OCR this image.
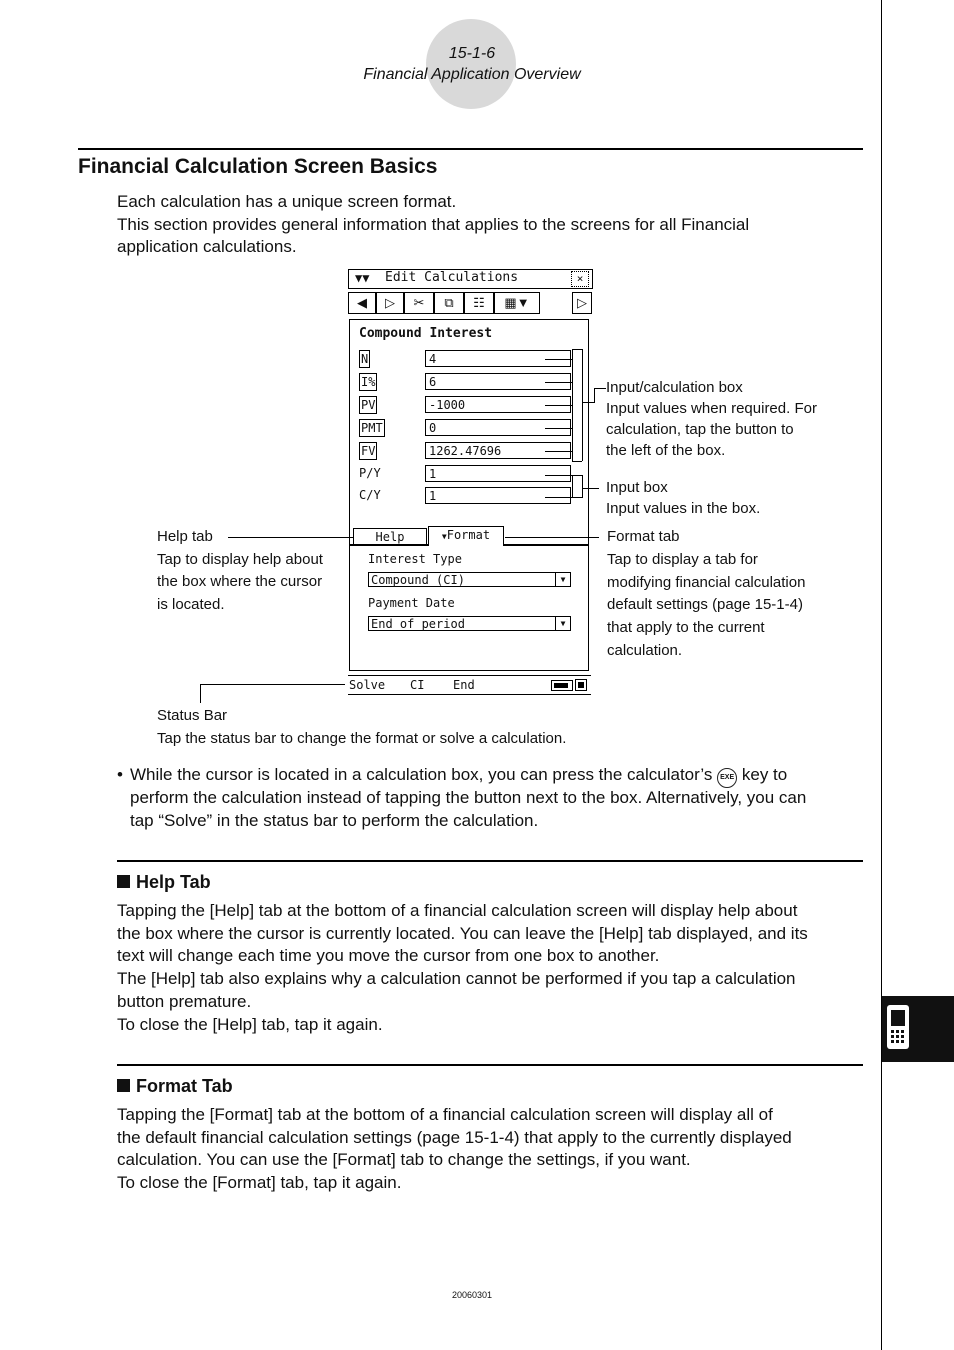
15-1-6
Financial Application Overview
Financial Calculation Screen Basics

Each calculation has a unique screen format.

This section provides general information that applies to the screens for all Financial

application calculations.

▼▼ Edit Calculations	×
◀	▷	✂	⧉	☷	▦▼	▷
Compound Interest
N	4
I%	6
PV	-1000
PMT	0
FV	1262.47696
P/Y	1
C/Y	1
Help	▼Format
Interest Type
Compound (CI)	▼
Payment Date
End of period	▼
Solve CI End
Input/calculation box
Input values when required. For
calculation, tap the button to
the left of the box.
Input box
Input values in the box.
Help tab
Tap to display help about
the box where the cursor
is located.
Format tab
Tap to display a tab for
modifying financial calculation
default settings (page 15-1-4)
that apply to the current
calculation.
Status Bar
Tap the status bar to change the format or solve a calculation.
• While the cursor is located in a calculation box, you can press the calculator’s EXE key to
perform the calculation instead of tapping the button next to the box. Alternatively, you can
tap “Solve” in the status bar to perform the calculation.
Help Tab
Tapping the [Help] tab at the bottom of a financial calculation screen will display help about
the box where the cursor is currently located. You can leave the [Help] tab displayed, and its
text will change each time you move the cursor from one box to another.
The [Help] tab also explains why a calculation cannot be performed if you tap a calculation
button premature.
To close the [Help] tab, tap it again.
Format Tab
Tapping the [Format] tab at the bottom of a financial calculation screen will display all of
the default financial calculation settings (page 15-1-4) that apply to the currently displayed
calculation. You can use the [Format] tab to change the settings, if you want.
To close the [Format] tab, tap it again.
20060301
